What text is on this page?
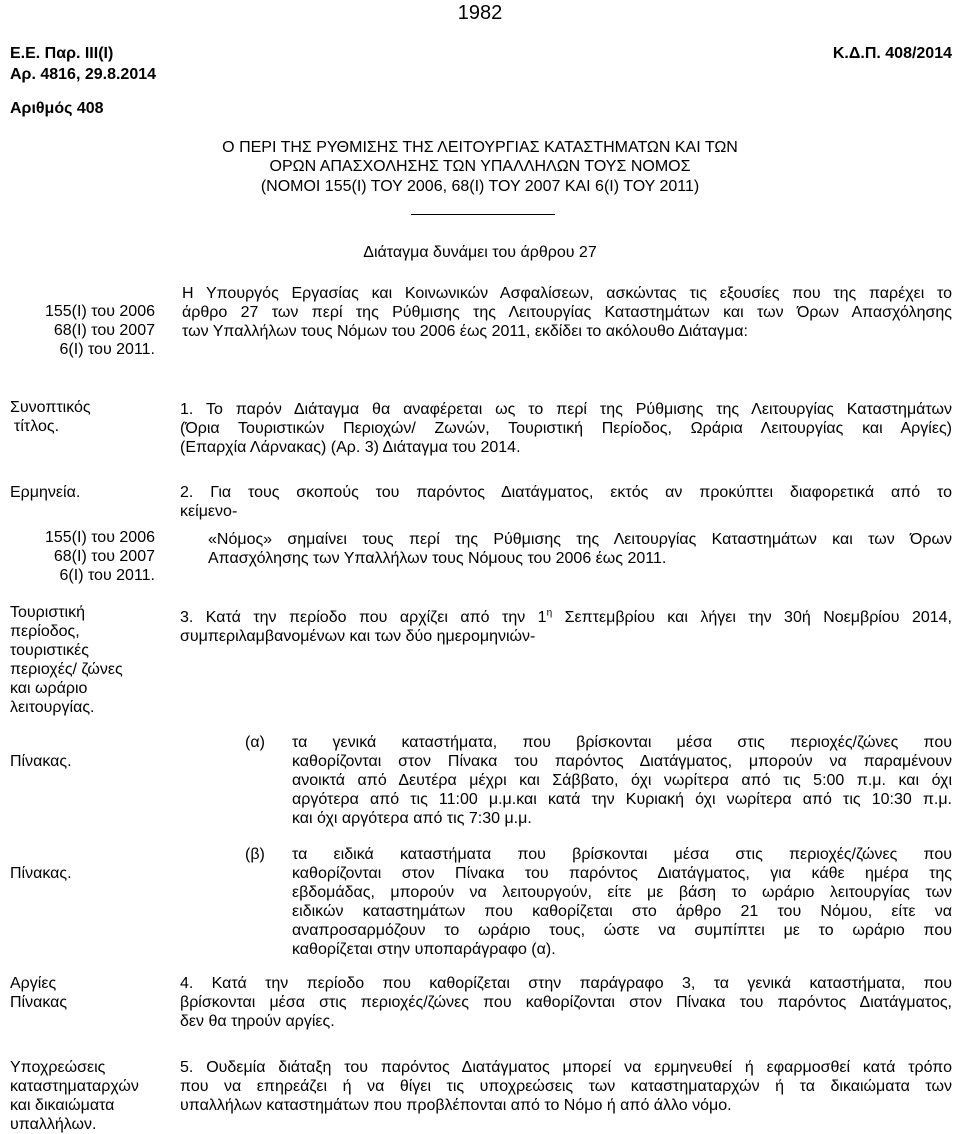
1982
Ε.Ε. Παρ. ΙΙΙ(Ι)
Αρ. 4816, 29.8.2014
Κ.Δ.Π. 408/2014
Αριθμός 408
Ο ΠΕΡΙ ΤΗΣ ΡΥΘΜΙΣΗΣ ΤΗΣ ΛΕΙΤΟΥΡΓΙΑΣ ΚΑΤΑΣΤΗΜΑΤΩΝ ΚΑΙ ΤΩΝ
ΟΡΩΝ ΑΠΑΣΧΟΛΗΣΗΣ ΤΩΝ ΥΠΑΛΛΗΛΩΝ ΤΟΥΣ ΝΟΜΟΣ
(ΝΟΜΟΙ 155(Ι) ΤΟΥ 2006, 68(Ι) ΤΟΥ 2007 ΚΑΙ 6(Ι) ΤΟΥ 2011)
Διάταγμα δυνάμει του άρθρου 27
155(Ι) του 2006
68(Ι) του 2007
6(Ι) του 2011.
Συνοπτικός
τίτλος.
Ερμηνεία.
155(Ι) του 2006
68(Ι) του 2007
6(Ι) του 2011.
Τουριστική
περίοδος,
τουριστικές
περιοχές/ ζώνες
και ωράριο
λειτουργίας.
Πίνακας.
Πίνακας.
Αργίες
Πίνακας
Υποχρεώσεις
καταστηματαρχών
και δικαιώματα
υπαλλήλων.
Η Υπουργός Εργασίας και Κοινωνικών Ασφαλίσεων, ασκώντας τις εξουσίες που της παρέχει το
άρθρο 27 των περί της Ρύθμισης της Λειτουργίας Καταστημάτων και των Όρων Απασχόλησης
των Υπαλλήλων τους Νόμων του 2006 έως 2011, εκδίδει το ακόλουθο Διάταγμα:
1. Το παρόν Διάταγμα θα αναφέρεται ως το περί της Ρύθμισης της Λειτουργίας Καταστημάτων
(Όρια Τουριστικών Περιοχών/ Ζωνών, Τουριστική Περίοδος, Ωράρια Λειτουργίας και Αργίες)
(Επαρχία Λάρνακας) (Αρ. 3) Διάταγμα του 2014.
2. Για τους σκοπούς του παρόντος Διατάγματος, εκτός αν προκύπτει διαφορετικά από το
κείμενο-
«Νόμος» σημαίνει τους περί της Ρύθμισης της Λειτουργίας Καταστημάτων και των Όρων
Απασχόλησης των Υπαλλήλων τους Νόμους του 2006 έως 2011.
3. Κατά την περίοδο που αρχίζει από την $1^\eta$ Σεπτεμβρίου και λήγει την 30ή Νοεμβρίου 2014,
συμπεριλαμβανομένων και των δύο ημερομηνιών-
(α)	τα γενικά καταστήματα, που βρίσκονται μέσα στις περιοχές/ζώνες που
καθορίζονται στον Πίνακα του παρόντος Διατάγματος, μπορούν να παραμένουν
ανοικτά από Δευτέρα μέχρι και Σάββατο, όχι νωρίτερα από τις 5:00 π.μ. και όχι
αργότερα από τις 11:00 μ.μ.και κατά την Κυριακή όχι νωρίτερα από τις 10:30 π.μ.
και όχι αργότερα από τις 7:30 μ.μ.
(β)	τα ειδικά καταστήματα που βρίσκονται μέσα στις περιοχές/ζώνες που
καθορίζονται στον Πίνακα του παρόντος Διατάγματος, για κάθε ημέρα της
εβδομάδας, μπορούν να λειτουργούν, είτε με βάση το ωράριο λειτουργίας των
ειδικών καταστημάτων που καθορίζεται στο άρθρο 21 του Νόμου, είτε να
αναπροσαρμόζουν το ωράριο τους, ώστε να συμπίπτει με το ωράριο που
καθορίζεται στην υποπαράγραφο (α).
4. Κατά την περίοδο που καθορίζεται στην παράγραφο 3, τα γενικά καταστήματα, που
βρίσκονται μέσα στις περιοχές/ζώνες που καθορίζονται στον Πίνακα του παρόντος Διατάγματος,
δεν θα τηρούν αργίες.
5. Ουδεμία διάταξη του παρόντος Διατάγματος μπορεί να ερμηνευθεί ή εφαρμοσθεί κατά τρόπο
που να επηρεάζει ή να θίγει τις υποχρεώσεις των καταστηματαρχών ή τα δικαιώματα των
υπαλλήλων καταστημάτων που προβλέπονται από το Νόμο ή από άλλο νόμο.
